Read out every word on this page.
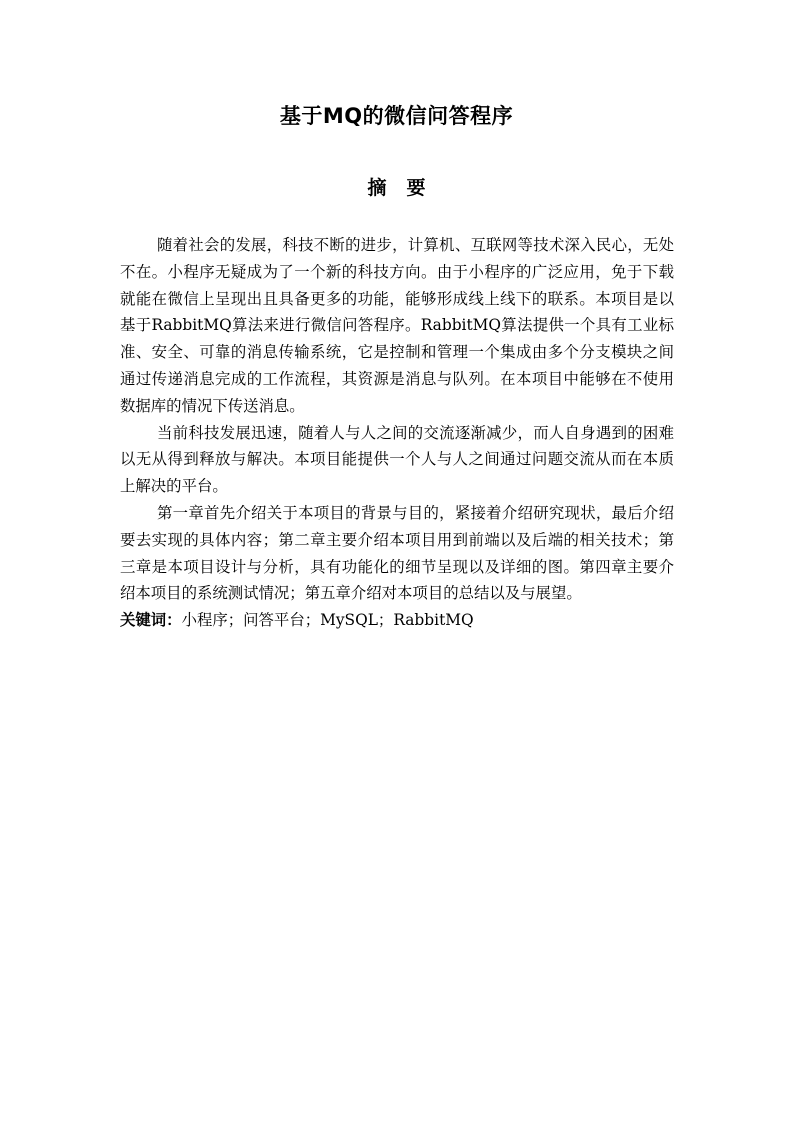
基于MQ的微信问答程序
摘要

随着社会的发展，科技不断的进步，计算机、互联网等技术深入民心，无处不在。小程序无疑成为了一个新的科技方向。由于小程序的广泛应用，免于下载就能在微信上呈现出且具备更多的功能，能够形成线上线下的联系。本项目是以基于RabbitMQ算法来进行微信问答程序。RabbitMQ算法提供一个具有工业标准、安全、可靠的消息传输系统，它是控制和管理一个集成由多个分支模块之间通过传递消息完成的工作流程，其资源是消息与队列。在本项目中能够在不使用数据库的情况下传送消息。

当前科技发展迅速，随着人与人之间的交流逐渐减少，而人自身遇到的困难以无从得到释放与解决。本项目能提供一个人与人之间通过问题交流从而在本质上解决的平台。

第一章首先介绍关于本项目的背景与目的，紧接着介绍研究现状，最后介绍要去实现的具体内容；第二章主要介绍本项目用到前端以及后端的相关技术；第三章是本项目设计与分析，具有功能化的细节呈现以及详细的图。第四章主要介绍本项目的系统测试情况；第五章介绍对本项目的总结以及与展望。

关键词：小程序；问答平台；MySQL；RabbitMQ
